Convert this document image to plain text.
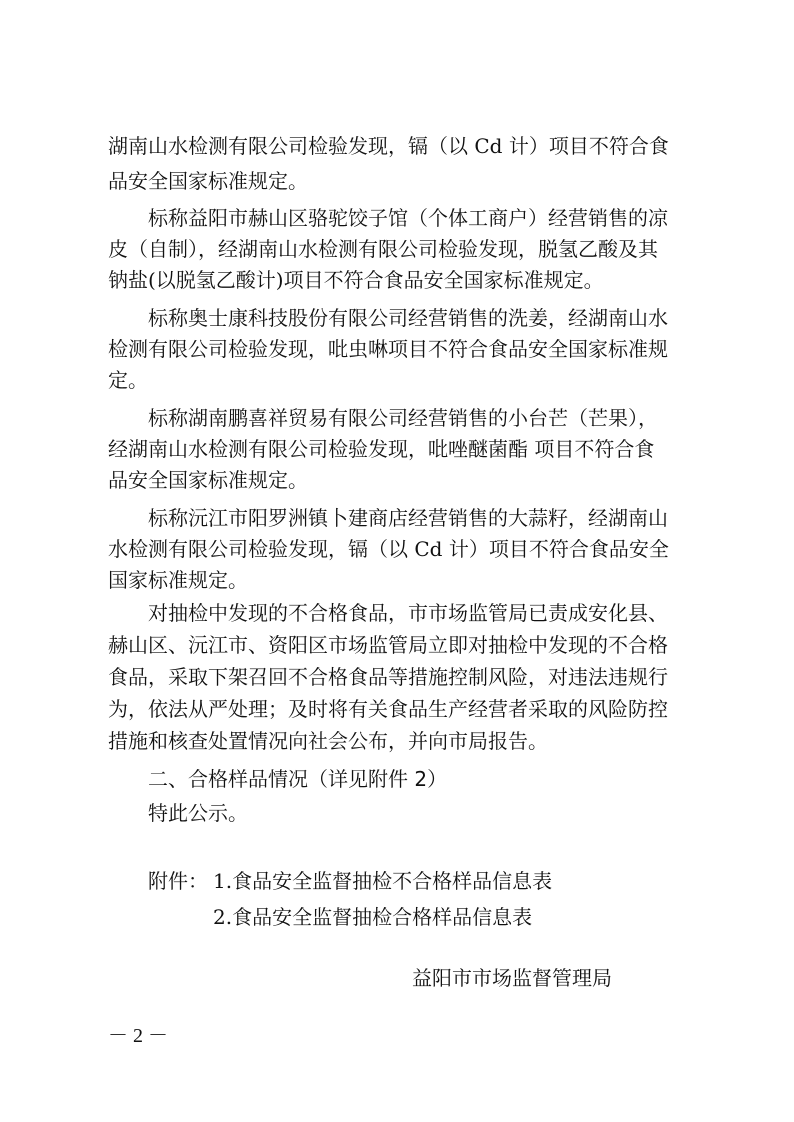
湖南山水检测有限公司检验发现，镉（以 Cd 计）项目不符合食
品安全国家标准规定。
标称益阳市赫山区骆驼饺子馆（个体工商户）经营销售的凉
皮（自制），经湖南山水检测有限公司检验发现，脱氢乙酸及其
钠盐(以脱氢乙酸计)项目不符合食品安全国家标准规定。
标称奥士康科技股份有限公司经营销售的洗姜，经湖南山水
检测有限公司检验发现，吡虫啉项目不符合食品安全国家标准规
定。
标称湖南鹏喜祥贸易有限公司经营销售的小台芒（芒果），
经湖南山水检测有限公司检验发现，吡唑醚菌酯 项目不符合食
品安全国家标准规定。
标称沅江市阳罗洲镇卜建商店经营销售的大蒜籽，经湖南山
水检测有限公司检验发现，镉（以 Cd 计）项目不符合食品安全
国家标准规定。
对抽检中发现的不合格食品，市市场监管局已责成安化县、
赫山区、沅江市、资阳区市场监管局立即对抽检中发现的不合格
食品，采取下架召回不合格食品等措施控制风险，对违法违规行
为，依法从严处理；及时将有关食品生产经营者采取的风险防控
措施和核查处置情况向社会公布，并向市局报告。
二、合格样品情况（详见附件 2）
特此公示。
附件： 1.食品安全监督抽检不合格样品信息表
2.食品安全监督抽检合格样品信息表
益阳市市场监督管理局
－ 2 －
